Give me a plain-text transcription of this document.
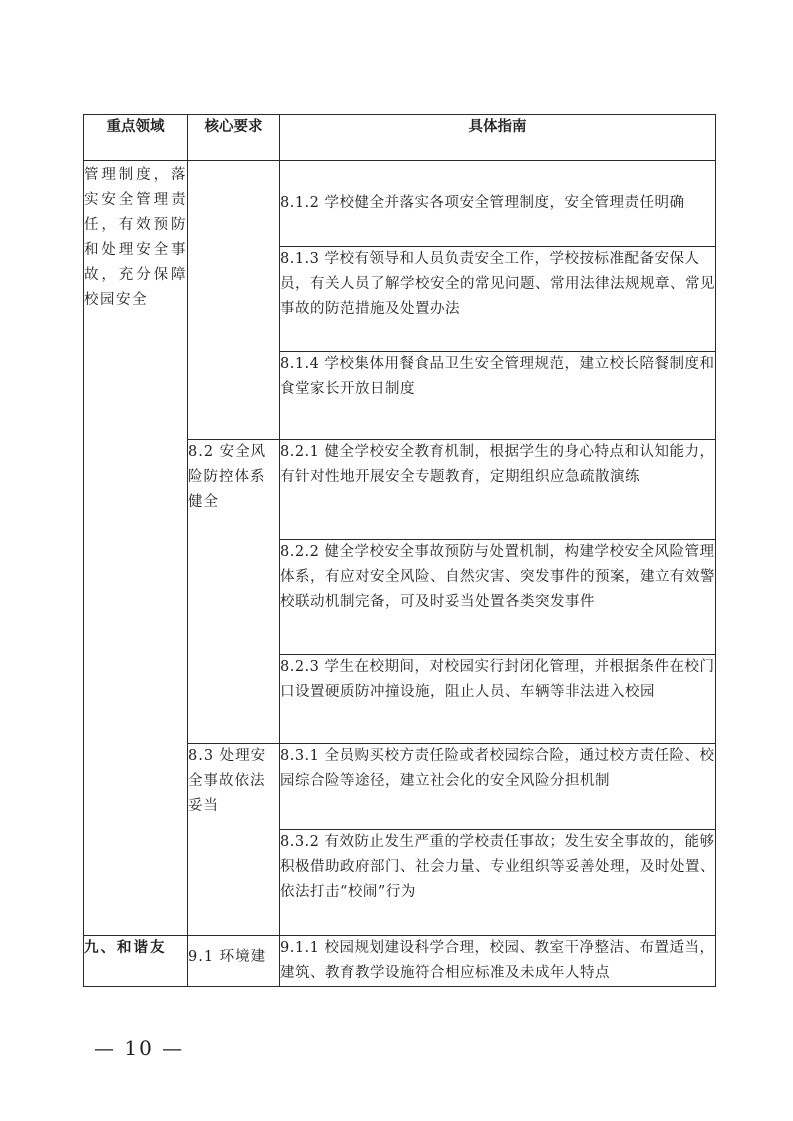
重点领域	核心要求	具体指南

管理制度，落实安全管理责任，有效预防和处理安全事故，充分保障校园安全		8.1.2 学校健全并落实各项安全管理制度，安全管理责任明确
		8.1.3 学校有领导和人员负责安全工作，学校按标准配备安保人员，有关人员了解学校安全的常见问题、常用法律法规规章、常见事故的防范措施及处置办法
		8.1.4 学校集体用餐食品卫生安全管理规范，建立校长陪餐制度和食堂家长开放日制度
	8.2 安全风险防控体系健全	8.2.1 健全学校安全教育机制，根据学生的身心特点和认知能力，有针对性地开展安全专题教育，定期组织应急疏散演练
		8.2.2 健全学校安全事故预防与处置机制，构建学校安全风险管理体系，有应对安全风险、自然灾害、突发事件的预案，建立有效警校联动机制完备，可及时妥当处置各类突发事件
		8.2.3 学生在校期间，对校园实行封闭化管理，并根据条件在校门口设置硬质防冲撞设施，阻止人员、车辆等非法进入校园
	8.3 处理安全事故依法妥当	8.3.1 全员购买校方责任险或者校园综合险，通过校方责任险、校园综合险等途径，建立社会化的安全风险分担机制
		8.3.2 有效防止发生严重的学校责任事故；发生安全事故的，能够积极借助政府部门、社会力量、专业组织等妥善处理，及时处置、依法打击“校闹”行为
九、和谐友	9.1 环境建	9.1.1 校园规划建设科学合理，校园、教室干净整洁、布置适当，建筑、教育教学设施符合相应标准及未成年人特点
— 10 —
